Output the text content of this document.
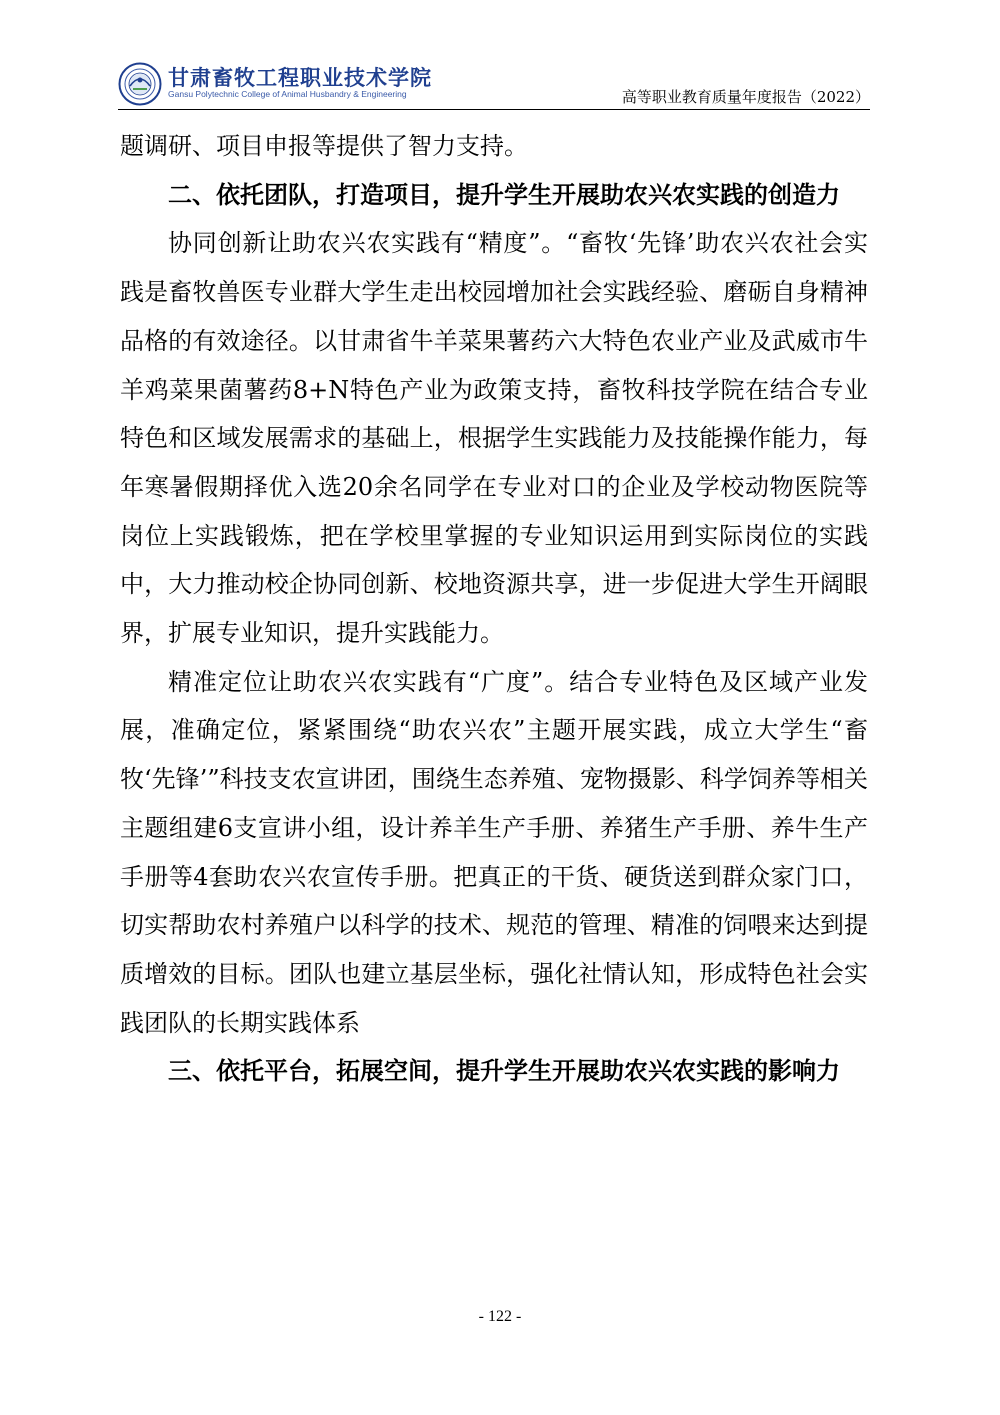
甘肃畜牧工程职业技术学院
Gansu Polytechnic College of Animal Husbandry & Engineering	高等职业教育质量年度报告（2022）

题调研、项目申报等提供了智力支持。

二、依托团队，打造项目，提升学生开展助农兴农实践的创造力

协同创新让助农兴农实践有“精度”。“畜牧‘先锋’助农兴农社会实践是畜牧兽医专业群大学生走出校园增加社会实践经验、磨砺自身精神品格的有效途径。以甘肃省牛羊菜果薯药六大特色农业产业及武威市牛羊鸡菜果菌薯药8+N特色产业为政策支持，畜牧科技学院在结合专业特色和区域发展需求的基础上，根据学生实践能力及技能操作能力，每年寒暑假期择优入选20余名同学在专业对口的企业及学校动物医院等岗位上实践锻炼，把在学校里掌握的专业知识运用到实际岗位的实践中，大力推动校企协同创新、校地资源共享，进一步促进大学生开阔眼界，扩展专业知识，提升实践能力。

精准定位让助农兴农实践有“广度”。结合专业特色及区域产业发展，准确定位，紧紧围绕“助农兴农”主题开展实践，成立大学生“畜牧‘先锋’”科技支农宣讲团，围绕生态养殖、宠物摄影、科学饲养等相关主题组建6支宣讲小组，设计养羊生产手册、养猪生产手册、养牛生产手册等4套助农兴农宣传手册。把真正的干货、硬货送到群众家门口，切实帮助农村养殖户以科学的技术、规范的管理、精准的饲喂来达到提质增效的目标。团队也建立基层坐标，强化社情认知，形成特色社会实践团队的长期实践体系

三、依托平台，拓展空间，提升学生开展助农兴农实践的影响力

- 122 -
